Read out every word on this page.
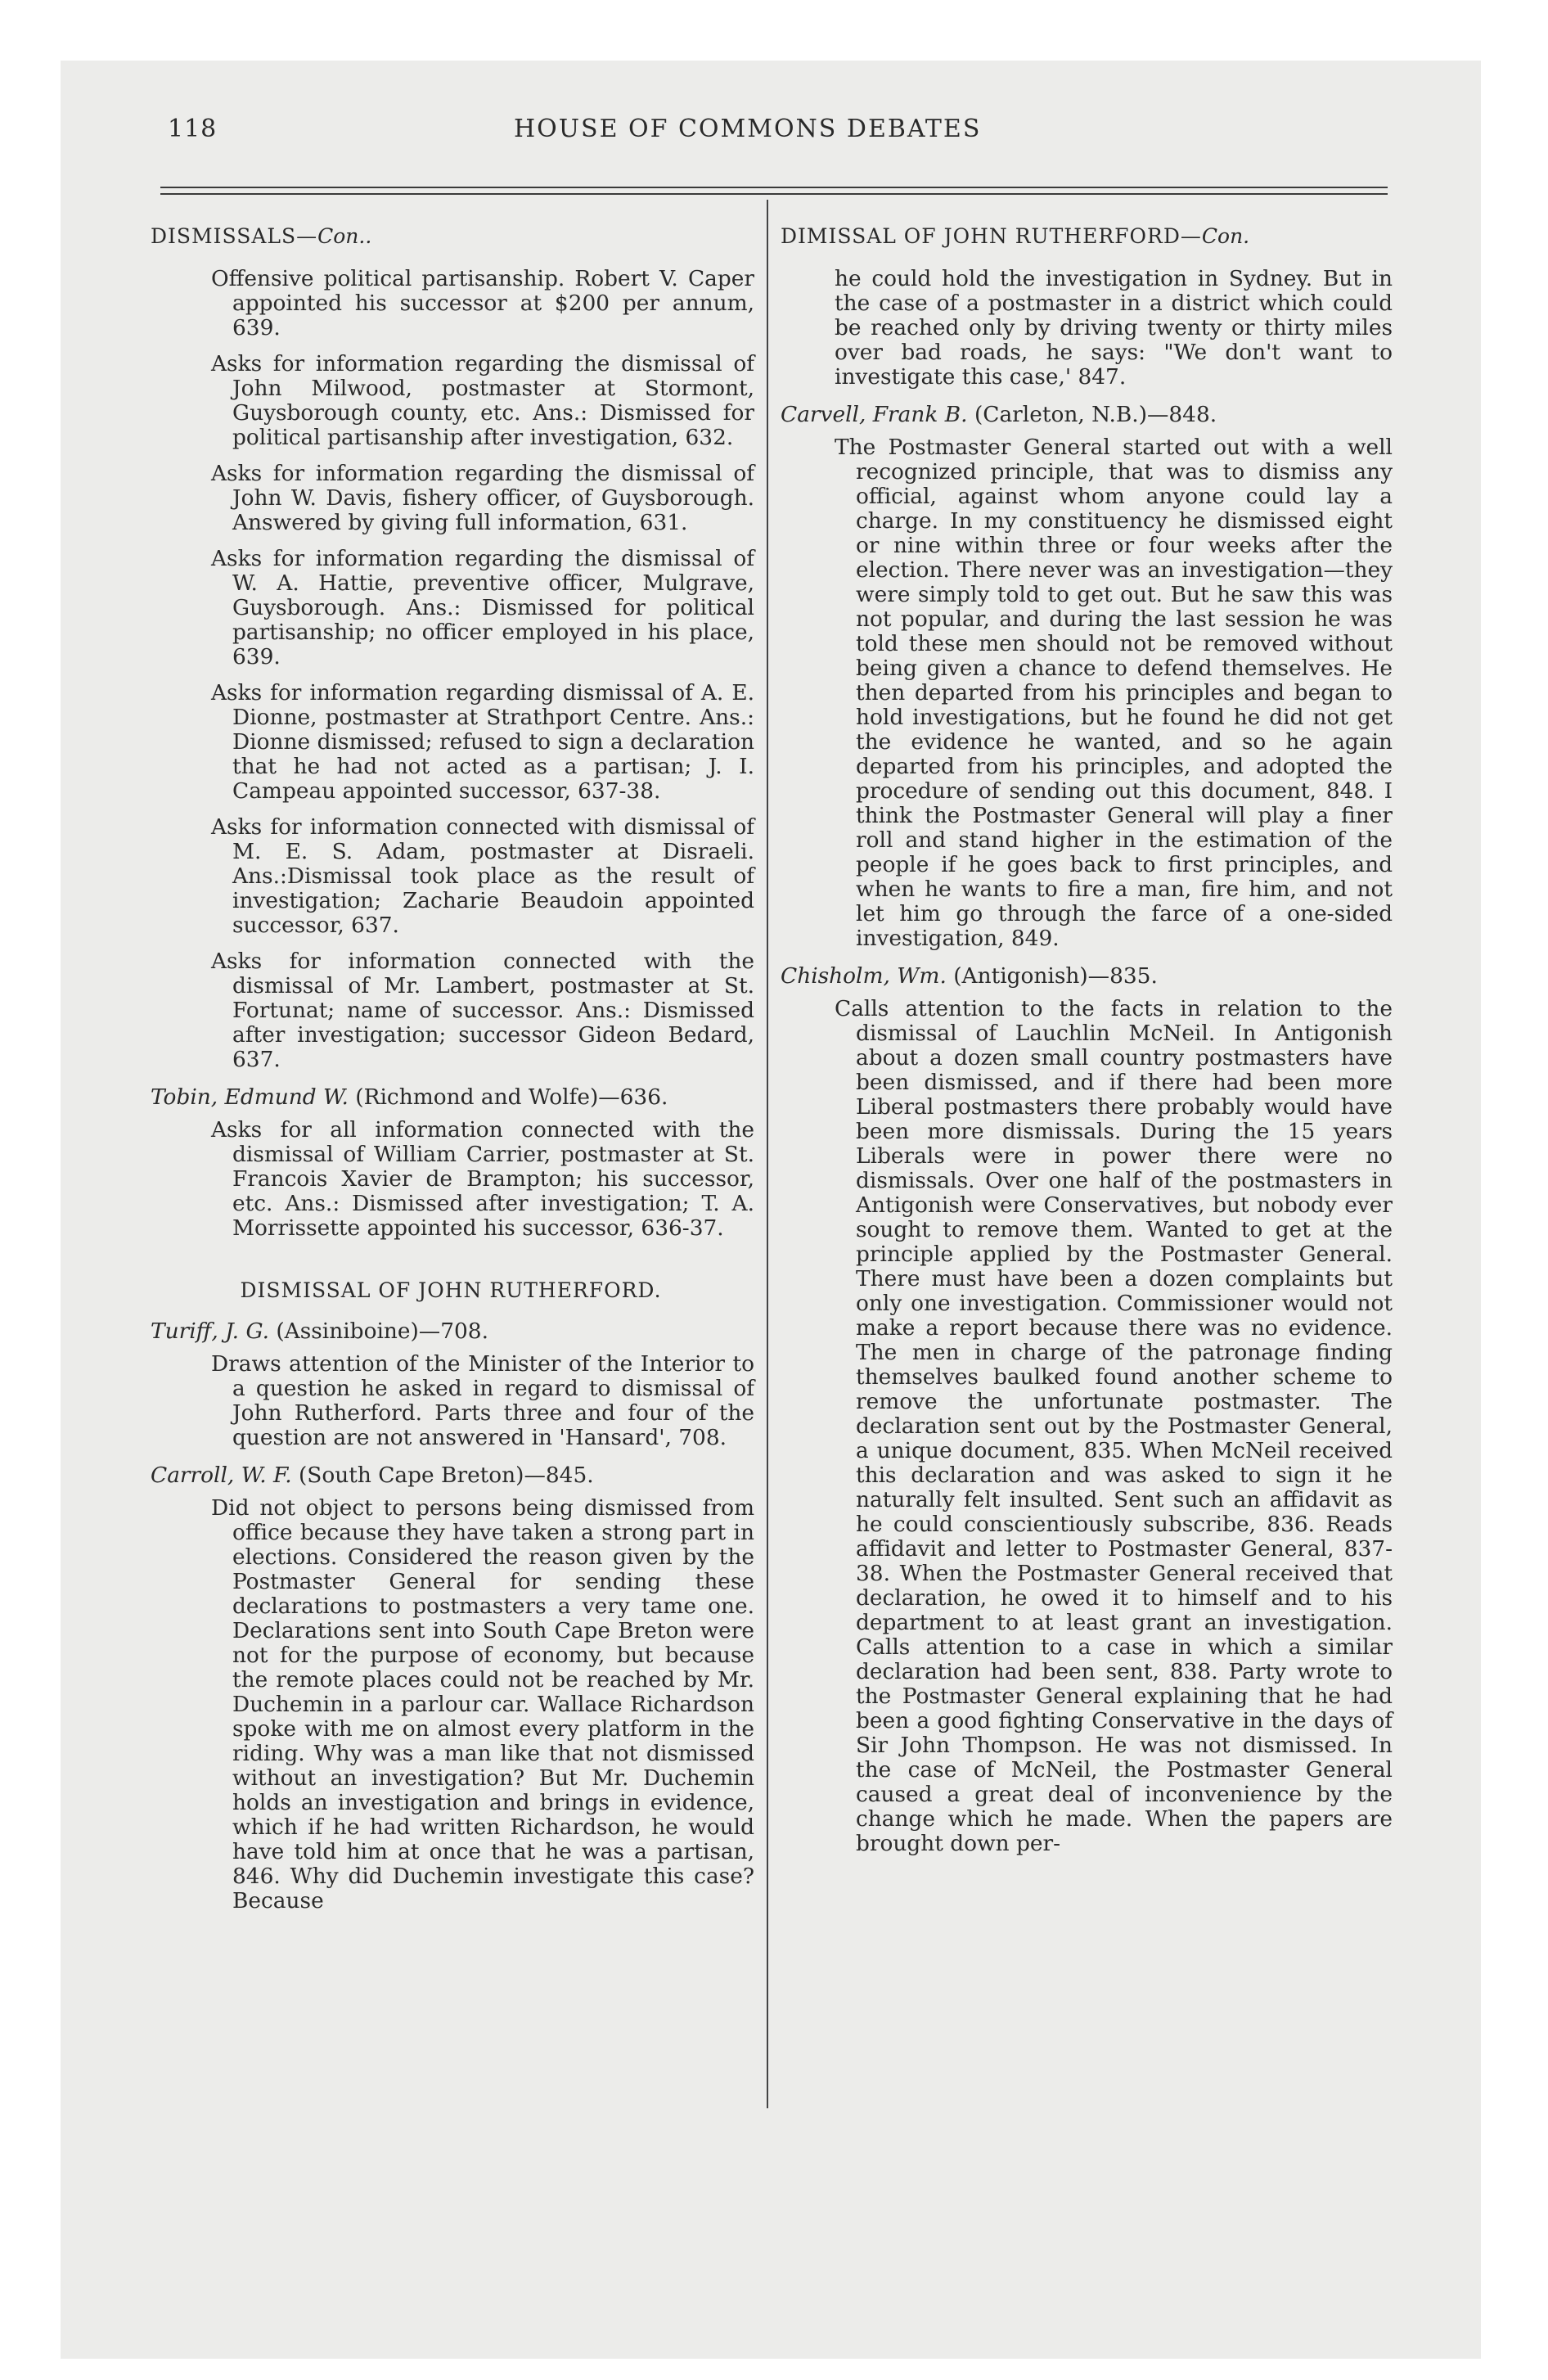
118	HOUSE OF COMMONS DEBATES
DISMISSALS—Con..
Offensive political partisanship. Robert V. Caper appointed his successor at $200 per annum, 639.
Asks for information regarding the dismissal of John Milwood, postmaster at Stormont, Guysborough county, etc. Ans.: Dismissed for political partisanship after investigation, 632.
Asks for information regarding the dismissal of John W. Davis, fishery officer, of Guysborough. Answered by giving full information, 631.
Asks for information regarding the dismissal of W. A. Hattie, preventive officer, Mulgrave, Guysborough. Ans.: Dismissed for political partisanship; no officer employed in his place, 639.
Asks for information regarding dismissal of A. E. Dionne, postmaster at Strathport Centre. Ans.: Dionne dismissed; refused to sign a declaration that he had not acted as a partisan; J. I. Campeau appointed successor, 637-38.
Asks for information connected with dismissal of M. E. S. Adam, postmaster at Disraeli. Ans.:Dismissal took place as the result of investigation; Zacharie Beaudoin appointed successor, 637.
Asks for information connected with the dismissal of Mr. Lambert, postmaster at St. Fortunat; name of successor. Ans.: Dismissed after investigation; successor Gideon Bedard, 637.
Tobin, Edmund W. (Richmond and Wolfe)—636.
Asks for all information connected with the dismissal of William Carrier, postmaster at St. Francois Xavier de Brampton; his successor, etc. Ans.: Dismissed after investigation; T. A. Morrissette appointed his successor, 636-37.
DISMISSAL OF JOHN RUTHERFORD.
Turiff, J. G. (Assiniboine)—708.
Draws attention of the Minister of the Interior to a question he asked in regard to dismissal of John Rutherford. Parts three and four of the question are not answered in 'Hansard', 708.
Carroll, W. F. (South Cape Breton)—845.
Did not object to persons being dismissed from office because they have taken a strong part in elections. Considered the reason given by the Postmaster General for sending these declarations to postmasters a very tame one. Declarations sent into South Cape Breton were not for the purpose of economy, but because the remote places could not be reached by Mr. Duchemin in a parlour car. Wallace Richardson spoke with me on almost every platform in the riding. Why was a man like that not dismissed without an investigation? But Mr. Duchemin holds an investigation and brings in evidence, which if he had written Richardson, he would have told him at once that he was a partisan, 846. Why did Duchemin investigate this case? Because
DIMISSAL OF JOHN RUTHERFORD—Con.
he could hold the investigation in Sydney. But in the case of a postmaster in a district which could be reached only by driving twenty or thirty miles over bad roads, he says: "We don't want to investigate this case,' 847.
Carvell, Frank B. (Carleton, N.B.)—848.
The Postmaster General started out with a well recognized principle, that was to dismiss any official, against whom anyone could lay a charge. In my constituency he dismissed eight or nine within three or four weeks after the election. There never was an investigation—they were simply told to get out. But he saw this was not popular, and during the last session he was told these men should not be removed without being given a chance to defend themselves. He then departed from his principles and began to hold investigations, but he found he did not get the evidence he wanted, and so he again departed from his principles, and adopted the procedure of sending out this document, 848. I think the Postmaster General will play a finer roll and stand higher in the estimation of the people if he goes back to first principles, and when he wants to fire a man, fire him, and not let him go through the farce of a one-sided investigation, 849.
Chisholm, Wm. (Antigonish)—835.
Calls attention to the facts in relation to the dismissal of Lauchlin McNeil. In Antigonish about a dozen small country postmasters have been dismissed, and if there had been more Liberal postmasters there probably would have been more dismissals. During the 15 years Liberals were in power there were no dismissals. Over one half of the postmasters in Antigonish were Conservatives, but nobody ever sought to remove them. Wanted to get at the principle applied by the Postmaster General. There must have been a dozen complaints but only one investigation. Commissioner would not make a report because there was no evidence. The men in charge of the patronage finding themselves baulked found another scheme to remove the unfortunate postmaster. The declaration sent out by the Postmaster General, a unique document, 835. When McNeil received this declaration and was asked to sign it he naturally felt insulted. Sent such an affidavit as he could conscientiously subscribe, 836. Reads affidavit and letter to Postmaster General, 837-38. When the Postmaster General received that declaration, he owed it to himself and to his department to at least grant an investigation. Calls attention to a case in which a similar declaration had been sent, 838. Party wrote to the Postmaster General explaining that he had been a good fighting Conservative in the days of Sir John Thompson. He was not dismissed. In the case of McNeil, the Postmaster General caused a great deal of inconvenience by the change which he made. When the papers are brought down per-
